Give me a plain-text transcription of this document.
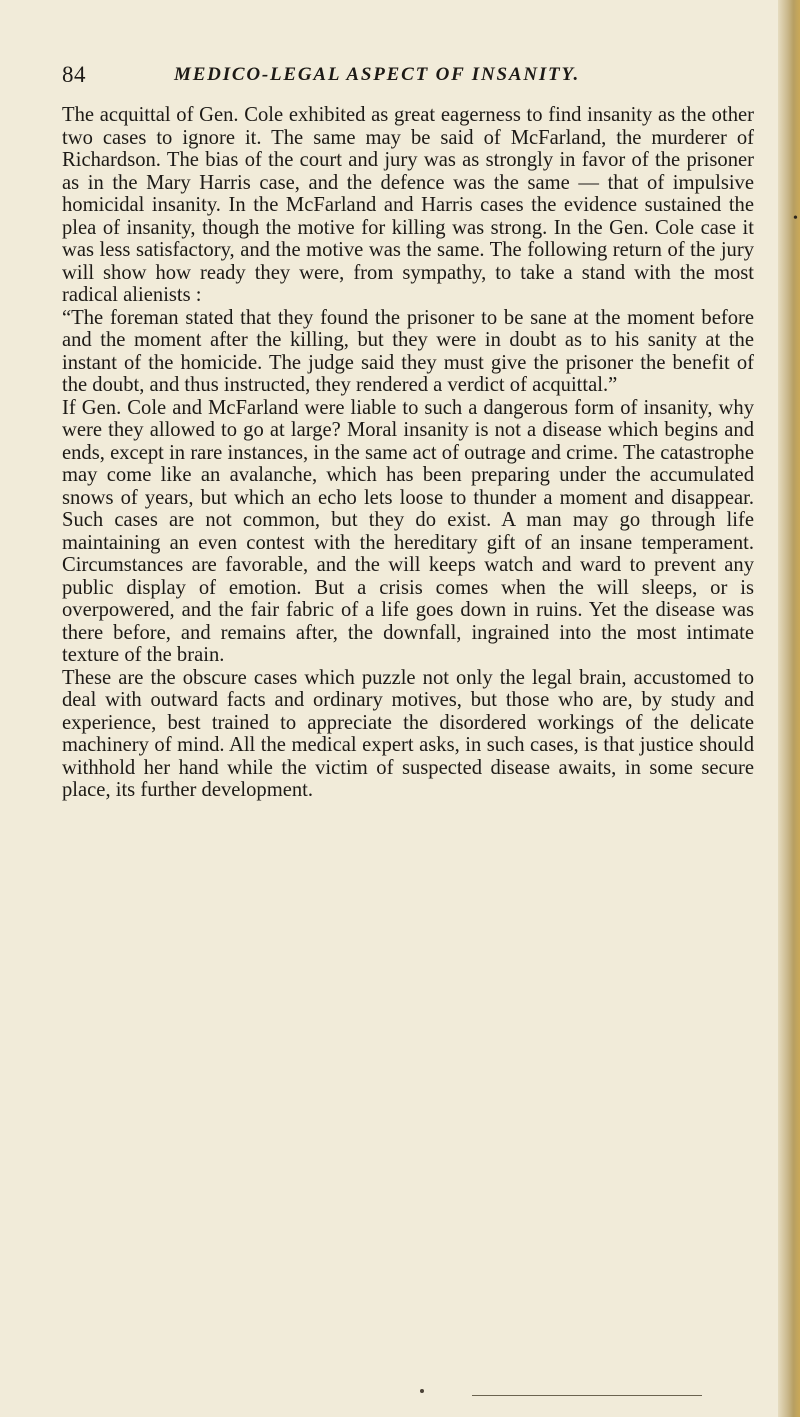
84	MEDICO-LEGAL ASPECT OF INSANITY.

The acquittal of Gen. Cole exhibited as great eagerness to find insanity as the other two cases to ignore it. The same may be said of McFarland, the murderer of Richardson. The bias of the court and jury was as strongly in favor of the prisoner as in the Mary Harris case, and the defence was the same — that of impulsive homicidal insanity. In the McFarland and Harris cases the evidence sustained the plea of insanity, though the motive for killing was strong. In the Gen. Cole case it was less satisfactory, and the motive was the same. The following return of the jury will show how ready they were, from sympathy, to take a stand with the most radical alienists :

“The foreman stated that they found the prisoner to be sane at the moment before and the moment after the killing, but they were in doubt as to his sanity at the instant of the homicide. The judge said they must give the prisoner the benefit of the doubt, and thus instructed, they rendered a verdict of acquittal.”

If Gen. Cole and McFarland were liable to such a dangerous form of insanity, why were they allowed to go at large? Moral insanity is not a disease which begins and ends, except in rare instances, in the same act of outrage and crime. The catastrophe may come like an avalanche, which has been preparing under the accumulated snows of years, but which an echo lets loose to thunder a moment and disappear. Such cases are not common, but they do exist. A man may go through life maintaining an even contest with the hereditary gift of an insane temperament. Circumstances are favorable, and the will keeps watch and ward to prevent any public display of emotion. But a crisis comes when the will sleeps, or is overpowered, and the fair fabric of a life goes down in ruins. Yet the disease was there before, and remains after, the downfall, ingrained into the most intimate texture of the brain.

These are the obscure cases which puzzle not only the legal brain, accustomed to deal with outward facts and ordinary motives, but those who are, by study and experience, best trained to appreciate the disordered workings of the delicate machinery of mind. All the medical expert asks, in such cases, is that justice should withhold her hand while the victim of suspected disease awaits, in some secure place, its further development.

•
